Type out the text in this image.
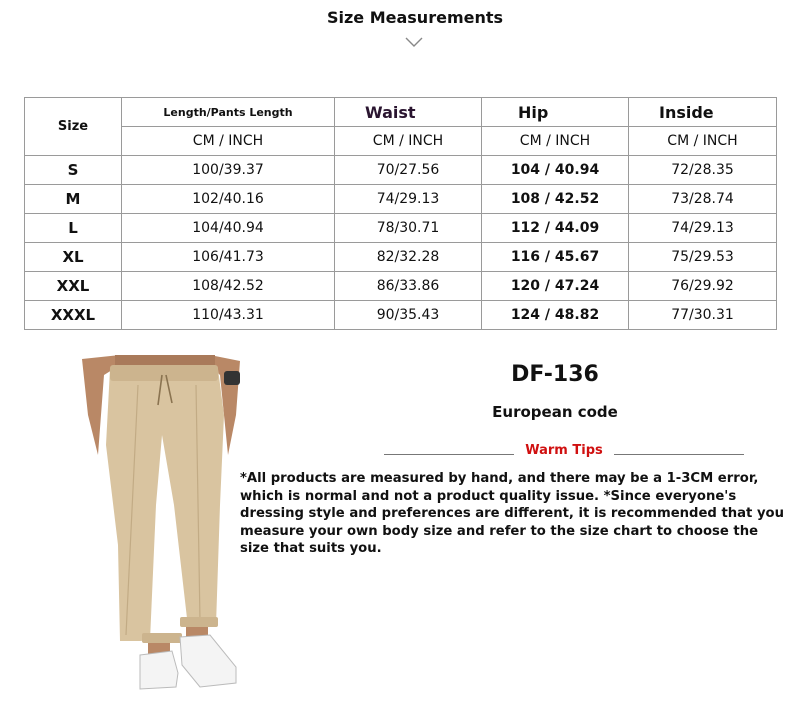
Size Measurements
Size	Length/Pants Length	Waist	Hip	Inside
	CM / INCH	CM / INCH	CM / INCH	CM / INCH
S	100/39.37	70/27.56	104 / 40.94	72/28.35
M	102/40.16	74/29.13	108 / 42.52	73/28.74
L	104/40.94	78/30.71	112 / 44.09	74/29.13
XL	106/41.73	82/32.28	116 / 45.67	75/29.53
XXL	108/42.52	86/33.86	120 / 47.24	76/29.92
XXXL	110/43.31	90/35.43	124 / 48.82	77/30.31
DF-136
European code
Warm Tips
*All products are measured by hand, and there may be a 1-3CM error, which is normal and not a product quality issue. *Since everyone's dressing style and preferences are different, it is recommended that you measure your own body size and refer to the size chart to choose the size that suits you.
